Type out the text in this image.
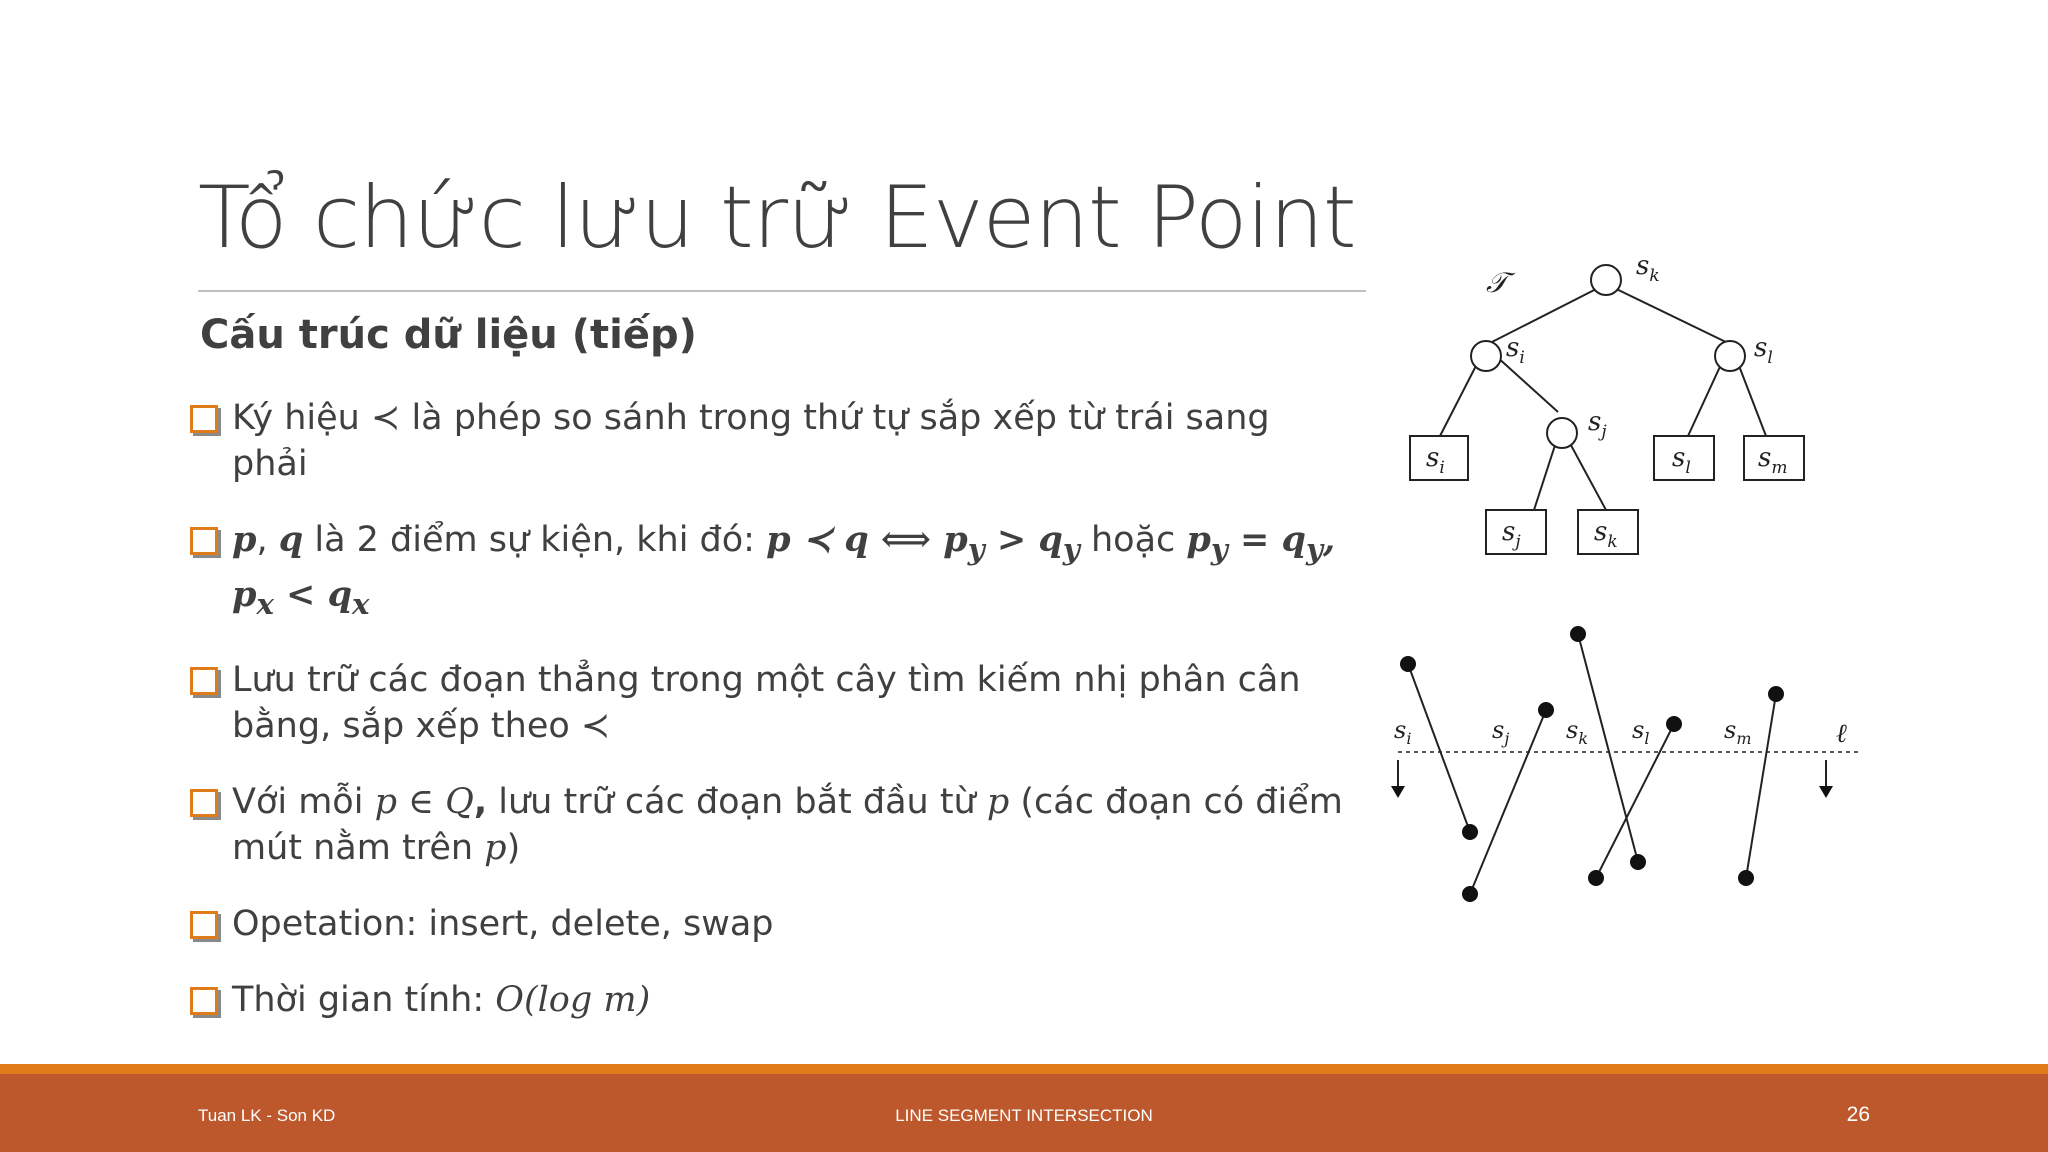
Tổ chức lưu trữ Event Point
Cấu trúc dữ liệu (tiếp)
Ký hiệu ≺ là phép so sánh trong thứ tự sắp xếp từ trái sang phải
𝒑, 𝒒 là 2 điểm sự kiện, khi đó: 𝒑 ≺ 𝒒 ⟺ 𝒑$_𝒚$ > 𝒒$_𝒚$ hoặc 𝒑$_𝒚$ = 𝒒$_𝒚$, 𝒑$_𝒙$ < 𝒒$_𝒙$
Lưu trữ các đoạn thẳng trong một cây tìm kiếm nhị phân cân bằng, sắp xếp theo ≺
Với mỗi 𝑝 ∈ 𝑄, lưu trữ các đoạn bắt đầu từ 𝑝 (các đoạn có điểm mút nằm trên 𝑝)
Opetation: insert, delete, swap
Thời gian tính: 𝑂(log 𝑚)
𝒯	$s_k$
$s_i$	$s_l$
$s_j$
$s_i$	$s_l$	$s_m$
$s_j$	$s_k$
$s_i$	$s_j$ $s_k$ $s_l$	$s_m$	ℓ
Tuan LK - Son KD	LINE SEGMENT INTERSECTION	26
